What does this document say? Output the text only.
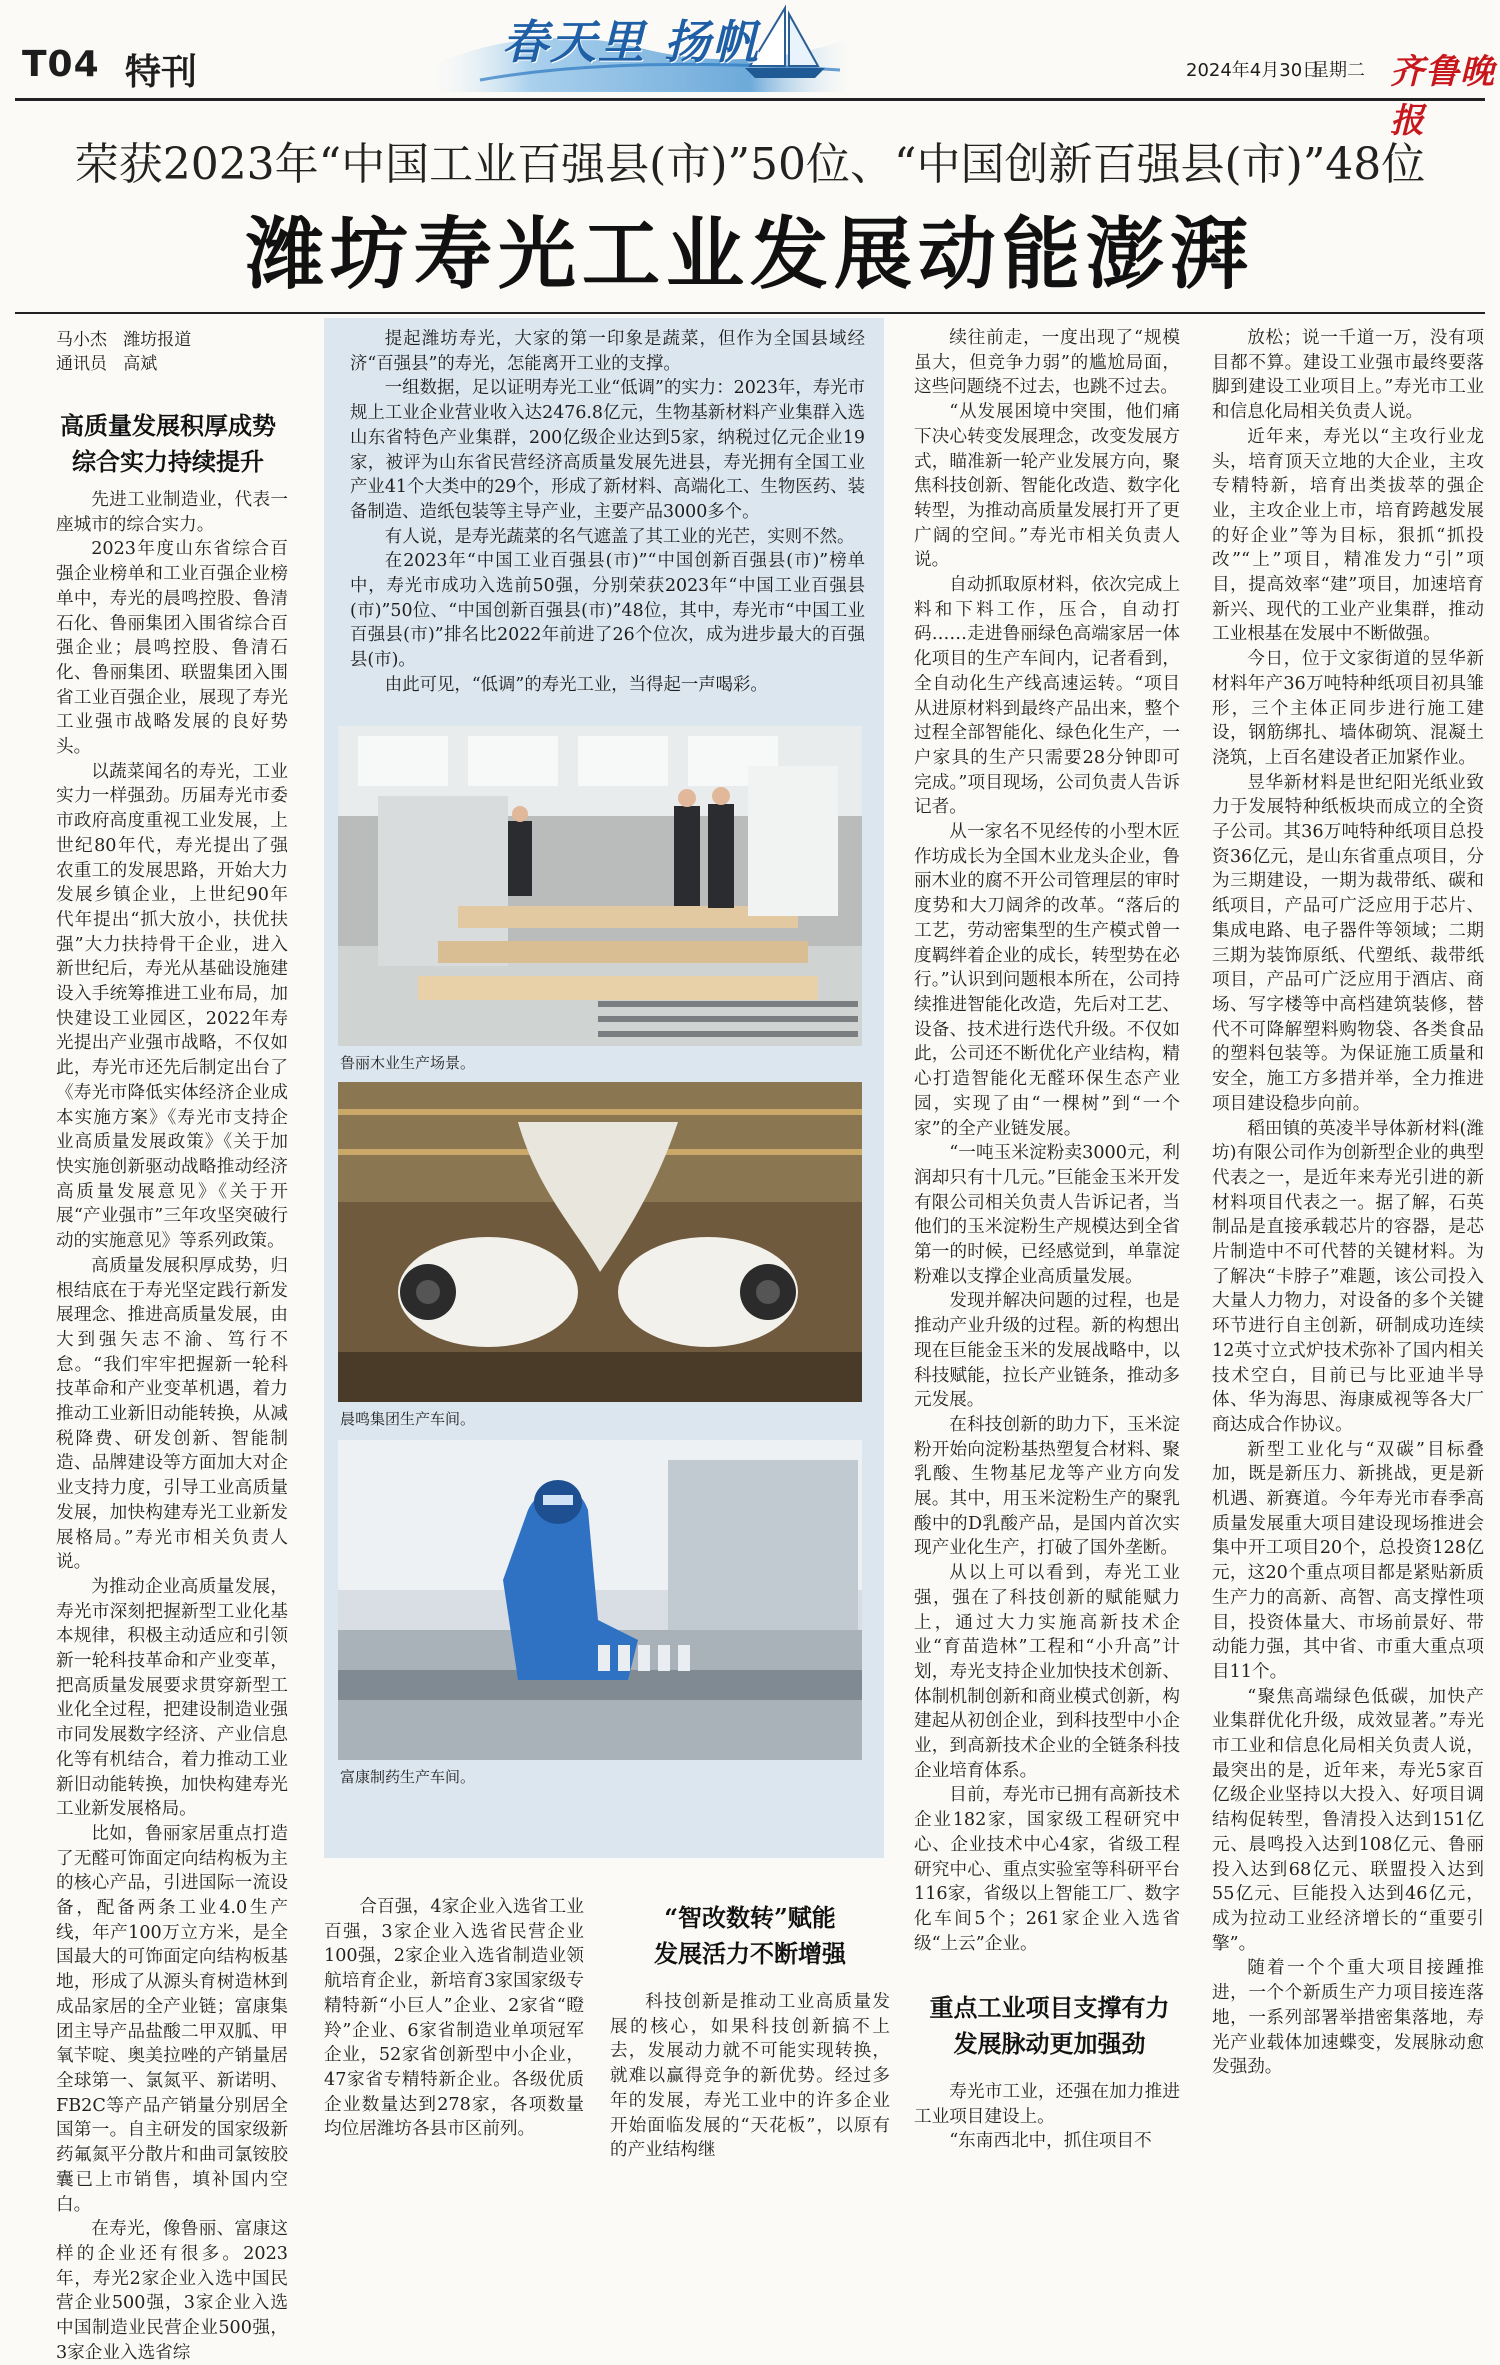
T04 特刊
春天里 扬帆
2024年4月30日
星期二 齐鲁晚报
荣获2023年“中国工业百强县(市)”50位、“中国创新百强县(市)”48位
潍坊寿光工业发展动能澎湃
马小杰 潍坊报道
通讯员 高斌
高质量发展积厚成势
综合实力持续提升

先进工业制造业，代表一座城市的综合实力。

2023年度山东省综合百强企业榜单和工业百强企业榜单中，寿光的晨鸣控股、鲁清石化、鲁丽集团入围省综合百强企业；晨鸣控股、鲁清石化、鲁丽集团、联盟集团入围省工业百强企业，展现了寿光工业强市战略发展的良好势头。

以蔬菜闻名的寿光，工业实力一样强劲。历届寿光市委市政府高度重视工业发展，上世纪80年代，寿光提出了强农重工的发展思路，开始大力发展乡镇企业，上世纪90年代年提出“抓大放小，扶优扶强”大力扶持骨干企业，进入新世纪后，寿光从基础设施建设入手统筹推进工业布局，加快建设工业园区，2022年寿光提出产业强市战略，不仅如此，寿光市还先后制定出台了《寿光市降低实体经济企业成本实施方案》《寿光市支持企业高质量发展政策》《关于加快实施创新驱动战略推动经济高质量发展意见》《关于开展“产业强市”三年攻坚突破行动的实施意见》等系列政策。

高质量发展积厚成势，归根结底在于寿光坚定践行新发展理念、推进高质量发展，由大到强矢志不渝、笃行不怠。“我们牢牢把握新一轮科技革命和产业变革机遇，着力推动工业新旧动能转换，从减税降费、研发创新、智能制造、品牌建设等方面加大对企业支持力度，引导工业高质量发展，加快构建寿光工业新发展格局。”寿光市相关负责人说。

为推动企业高质量发展，寿光市深刻把握新型工业化基本规律，积极主动适应和引领新一轮科技革命和产业变革，把高质量发展要求贯穿新型工业化全过程，把建设制造业强市同发展数字经济、产业信息化等有机结合，着力推动工业新旧动能转换，加快构建寿光工业新发展格局。

比如，鲁丽家居重点打造了无醛可饰面定向结构板为主的核心产品，引进国际一流设备，配备两条工业4.0生产线，年产100万立方米，是全国最大的可饰面定向结构板基地，形成了从源头育树造林到成品家居的全产业链；富康集团主导产品盐酸二甲双胍、甲氧苄啶、奥美拉唑的产销量居全球第一、氯氮平、新诺明、FB2C等产品产销量分别居全国第一。自主研发的国家级新药氟氮平分散片和曲司氯铵胶囊已上市销售，填补国内空白。

在寿光，像鲁丽、富康这样的企业还有很多。2023年，寿光2家企业入选中国民营企业500强，3家企业入选中国制造业民营企业500强，3家企业入选省综

提起潍坊寿光，大家的第一印象是蔬菜，但作为全国县域经济“百强县”的寿光，怎能离开工业的支撑。

一组数据，足以证明寿光工业“低调”的实力：2023年，寿光市规上工业企业营业收入达2476.8亿元，生物基新材料产业集群入选山东省特色产业集群，200亿级企业达到5家，纳税过亿元企业19家，被评为山东省民营经济高质量发展先进县，寿光拥有全国工业产业41个大类中的29个，形成了新材料、高端化工、生物医药、装备制造、造纸包装等主导产业，主要产品3000多个。

有人说，是寿光蔬菜的名气遮盖了其工业的光芒，实则不然。

在2023年“中国工业百强县(市)”“中国创新百强县(市)”榜单中，寿光市成功入选前50强，分别荣获2023年“中国工业百强县(市)”50位、“中国创新百强县(市)”48位，其中，寿光市“中国工业百强县(市)”排名比2022年前进了26个位次，成为进步最大的百强县(市)。

由此可见，“低调”的寿光工业，当得起一声喝彩。

鲁丽木业生产场景。
晨鸣集团生产车间。
富康制药生产车间。

合百强，4家企业入选省工业百强，3家企业入选省民营企业100强，2家企业入选省制造业领航培育企业，新培育3家国家级专精特新“小巨人”企业、2家省“瞪羚”企业、6家省制造业单项冠军企业，52家省创新型中小企业，47家省专精特新企业。各级优质企业数量达到278家，各项数量均位居潍坊各县市区前列。

续往前走，一度出现了“规模虽大，但竞争力弱”的尴尬局面，这些问题绕不过去，也跳不过去。

“从发展困境中突围，他们痛下决心转变发展理念，改变发展方式，瞄准新一轮产业发展方向，聚焦科技创新、智能化改造、数字化转型，为推动高质量发展打开了更广阔的空间。”寿光市相关负责人说。

自动抓取原材料，依次完成上料和下料工作，压合，自动打码……走进鲁丽绿色高端家居一体化项目的生产车间内，记者看到，全自动化生产线高速运转。“项目从进原材料到最终产品出来，整个过程全部智能化、绿色化生产，一户家具的生产只需要28分钟即可完成。”项目现场，公司负责人告诉记者。

从一家名不见经传的小型木匠作坊成长为全国木业龙头企业，鲁丽木业的腐不开公司管理层的审时度势和大刀阔斧的改革。“落后的工艺，劳动密集型的生产模式曾一度羁绊着企业的成长，转型势在必行。”认识到问题根本所在，公司持续推进智能化改造，先后对工艺、设备、技术进行迭代升级。不仅如此，公司还不断优化产业结构，精心打造智能化无醛环保生态产业园，实现了由“一棵树”到“一个家”的全产业链发展。

“一吨玉米淀粉卖3000元，利润却只有十几元。”巨能金玉米开发有限公司相关负责人告诉记者，当他们的玉米淀粉生产规模达到全省第一的时候，已经感觉到，单靠淀粉难以支撑企业高质量发展。

发现并解决问题的过程，也是推动产业升级的过程。新的构想出现在巨能金玉米的发展战略中，以科技赋能，拉长产业链条，推动多元发展。

在科技创新的助力下，玉米淀粉开始向淀粉基热塑复合材料、聚乳酸、生物基尼龙等产业方向发展。其中，用玉米淀粉生产的聚乳酸中的D乳酸产品，是国内首次实现产业化生产，打破了国外垄断。

从以上可以看到，寿光工业强，强在了科技创新的赋能赋力上，通过大力实施高新技术企业“育苗造林”工程和“小升高”计划，寿光支持企业加快技术创新、体制机制创新和商业模式创新，构建起从初创企业，到科技型中小企业，到高新技术企业的全链条科技企业培育体系。

目前，寿光市已拥有高新技术企业182家，国家级工程研究中心、企业技术中心4家，省级工程研究中心、重点实验室等科研平台116家，省级以上智能工厂、数字化车间5个；261家企业入选省级“上云”企业。

“智改数转”赋能
发展活力不断增强

科技创新是推动工业高质量发展的核心，如果科技创新搞不上去，发展动力就不可能实现转换，就难以赢得竞争的新优势。经过多年的发展，寿光工业中的许多企业开始面临发展的“天花板”，以原有的产业结构继

重点工业项目支撑有力
发展脉动更加强劲

寿光市工业，还强在加力推进工业项目建设上。

“东南西北中，抓住项目不

放松；说一千道一万，没有项目都不算。建设工业强市最终要落脚到建设工业项目上。”寿光市工业和信息化局相关负责人说。

近年来，寿光以“主攻行业龙头，培育顶天立地的大企业，主攻专精特新，培育出类拔萃的强企业，主攻企业上市，培育跨越发展的好企业”等为目标，狠抓“抓投改”“上”项目，精准发力“引”项目，提高效率“建”项目，加速培育新兴、现代的工业产业集群，推动工业根基在发展中不断做强。

今日，位于文家街道的昱华新材料年产36万吨特种纸项目初具雏形，三个主体正同步进行施工建设，钢筋绑扎、墙体砌筑、混凝土浇筑，上百名建设者正加紧作业。

昱华新材料是世纪阳光纸业致力于发展特种纸板块而成立的全资子公司。其36万吨特种纸项目总投资36亿元，是山东省重点项目，分为三期建设，一期为裁带纸、碳和纸项目，产品可广泛应用于芯片、集成电路、电子器件等领域；二期三期为装饰原纸、代塑纸、裁带纸项目，产品可广泛应用于酒店、商场、写字楼等中高档建筑装修，替代不可降解塑料购物袋、各类食品的塑料包装等。为保证施工质量和安全，施工方多措并举，全力推进项目建设稳步向前。

稻田镇的英凌半导体新材料(潍坊)有限公司作为创新型企业的典型代表之一，是近年来寿光引进的新材料项目代表之一。据了解，石英制品是直接承载芯片的容器，是芯片制造中不可代替的关键材料。为了解决“卡脖子”难题，该公司投入大量人力物力，对设备的多个关键环节进行自主创新，研制成功连续12英寸立式炉技术弥补了国内相关技术空白，目前已与比亚迪半导体、华为海思、海康威视等各大厂商达成合作协议。

新型工业化与“双碳”目标叠加，既是新压力、新挑战，更是新机遇、新赛道。今年寿光市春季高质量发展重大项目建设现场推进会集中开工项目20个，总投资128亿元，这20个重点项目都是紧贴新质生产力的高新、高智、高支撑性项目，投资体量大、市场前景好、带动能力强，其中省、市重大重点项目11个。

“聚焦高端绿色低碳，加快产业集群优化升级，成效显著。”寿光市工业和信息化局相关负责人说，最突出的是，近年来，寿光5家百亿级企业坚持以大投入、好项目调结构促转型，鲁清投入达到151亿元、晨鸣投入达到108亿元、鲁丽投入达到68亿元、联盟投入达到55亿元、巨能投入达到46亿元，成为拉动工业经济增长的“重要引擎”。

随着一个个重大项目接踵推进，一个个新质生产力项目接连落地，一系列部署举措密集落地，寿光产业载体加速蝶变，发展脉动愈发强劲。
